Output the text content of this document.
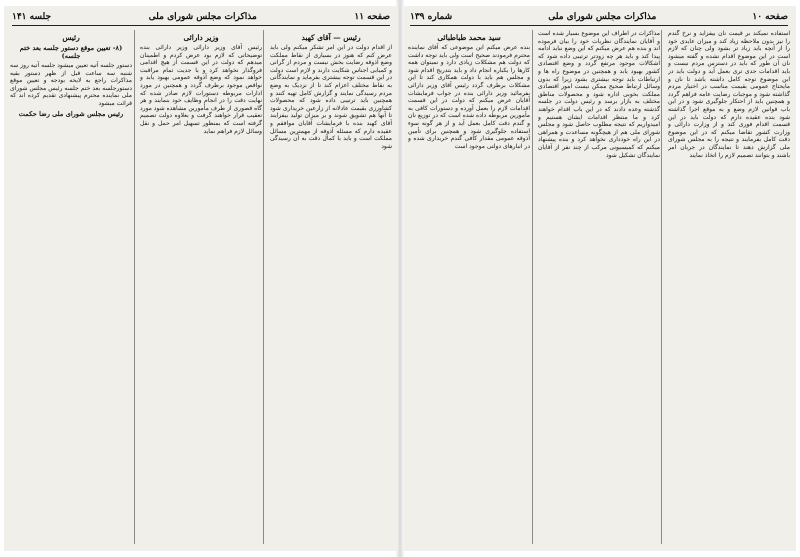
صفحه ۱۰
مذاکرات مجلس شورای ملی
شماره ۱۳۹
استفاده نمیکند بر قیمت نان بیفزاید و نرخ گندم را نیز بدون ملاحظه زیاد کند و میزان عایدی خود را از آنچه باید زیاد تر بشود ولی چنان که لازم است در این موضوع اقدام نشده و گفته میشود نان آن طور که باید در دسترس مردم نیست و باید اقدامات جدی تری بعمل آید و دولت باید در این موضوع توجه کامل داشته باشد تا نان و مایحتاج عمومی بقیمت مناسب در اختیار مردم گذاشته شود و موجبات رضایت عامه فراهم گردد و همچنین باید از احتکار جلوگیری شود و در این باب قوانین لازم وضع و به موقع اجرا گذاشته شود بنده عقیده دارم که دولت باید در این قسمت اقدام فوری کند و از وزارت دارائی و وزارت کشور تقاضا میکنم که در این موضوع دقت کامل بفرمایند و نتیجه را به مجلس شورای ملی گزارش دهند تا نمایندگان در جریان امر باشند و بتوانند تصمیم لازم را اتخاذ نمایند
مذاکرات در اطراف این موضوع بسیار شده است و آقایان نمایندگان نظریات خود را بیان فرموده اند و بنده هم عرض میکنم که این وضع نباید ادامه پیدا کند و باید هر چه زودتر ترتیبی داده شود که اشکالات موجود مرتفع گردد و وضع اقتصادی کشور بهبود یابد و همچنین در موضوع راه ها و ارتباطات باید توجه بیشتری بشود زیرا که بدون وسائل ارتباط صحیح ممکن نیست امور اقتصادی مملکت بخوبی اداره شود و محصولات مناطق مختلف به بازار برسد و رئیس دولت در جلسه گذشته وعده دادند که در این باب اقدام خواهند کرد و ما منتظر اقدامات ایشان هستیم و امیدواریم که نتیجه مطلوب حاصل شود و مجلس شورای ملی هم از هیچگونه مساعدت و همراهی در این راه خودداری نخواهد کرد و بنده پیشنهاد میکنم که کمیسیونی مرکب از چند نفر از آقایان نمایندگان تشکیل شود
سید محمد طباطبائی
بنده عرض میکنم این موضوعی که آقای نماینده محترم فرمودند صحیح است ولی باید توجه داشت که دولت هم مشکلات زیادی دارد و نمیتوان همه کارها را یکباره انجام داد و باید بتدریج اقدام شود و مجلس هم باید با دولت همکاری کند تا این مشکلات برطرف گردد رئیس آقای وزیر دارائی بفرمائید وزیر دارائی بنده در جواب فرمایشات آقایان عرض میکنم که دولت در این قسمت اقدامات لازم را بعمل آورده و دستورات کافی به مأمورین مربوطه داده شده است که در توزیع نان و گندم دقت کامل بعمل آید و از هر گونه سوء استفاده جلوگیری شود و همچنین برای تأمین آذوقه عمومی مقدار کافی گندم خریداری شده و در انبارهای دولتی موجود است
صفحه ۱۱
مذاکرات مجلس شورای ملی
جلسه ۱۴۱
رئیس — آقای کهبد
از اقدام دولت در این امر تشکر میکنم ولی باید عرض کنم که هنوز در بسیاری از نقاط مملکت وضع آذوقه رضایت بخش نیست و مردم از گرانی و کمیابی اجناس شکایت دارند و لازم است دولت در این قسمت توجه بیشتری بفرماید و نمایندگانی به نقاط مختلف اعزام کند تا از نزدیک به وضع مردم رسیدگی نمایند و گزارش کامل تهیه کنند و همچنین باید ترتیبی داده شود که محصولات کشاورزی بقیمت عادلانه از زارعین خریداری شود تا آنها هم تشویق شوند و بر میزان تولید بیفزایند آقای کهبد بنده با فرمایشات آقایان موافقم و عقیده دارم که مسئله آذوقه از مهمترین مسائل مملکت است و باید با کمال دقت به آن رسیدگی شود
وزیر دارائی
رئیس آقای وزیر دارائی وزیر دارائی بنده توضیحاتی که لازم بود عرض کردم و اطمینان میدهم که دولت در این قسمت از هیچ اقدامی فروگذار نخواهد کرد و با جدیت تمام مراقبت خواهد نمود که وضع آذوقه عمومی بهبود یابد و نواقص موجود برطرف گردد و همچنین در مورد ادارات مربوطه دستورات لازم صادر شده که نهایت دقت را در انجام وظایف خود بنمایند و هر گاه قصوری از طرف مأمورین مشاهده شود مورد تعقیب قرار خواهند گرفت و بعلاوه دولت تصمیم گرفته است که بمنظور تسهیل امر حمل و نقل وسائل لازم فراهم نماید
رئیس
(۸- تعیین موقع دستور جلسه بعد ختم جلسه)
دستور جلسه آتیه تعیین میشود جلسه آتیه روز سه شنبه سه ساعت قبل از ظهر دستور بقیه مذاکرات راجع به لایحه بودجه و تعیین موقع دستورجلسه بعد ختم جلسه رئیس مجلس شورای ملی نماینده محترم پیشنهادی تقدیم کرده اند که قرائت میشود
رئیس مجلس شورای ملی رضا حکمت
